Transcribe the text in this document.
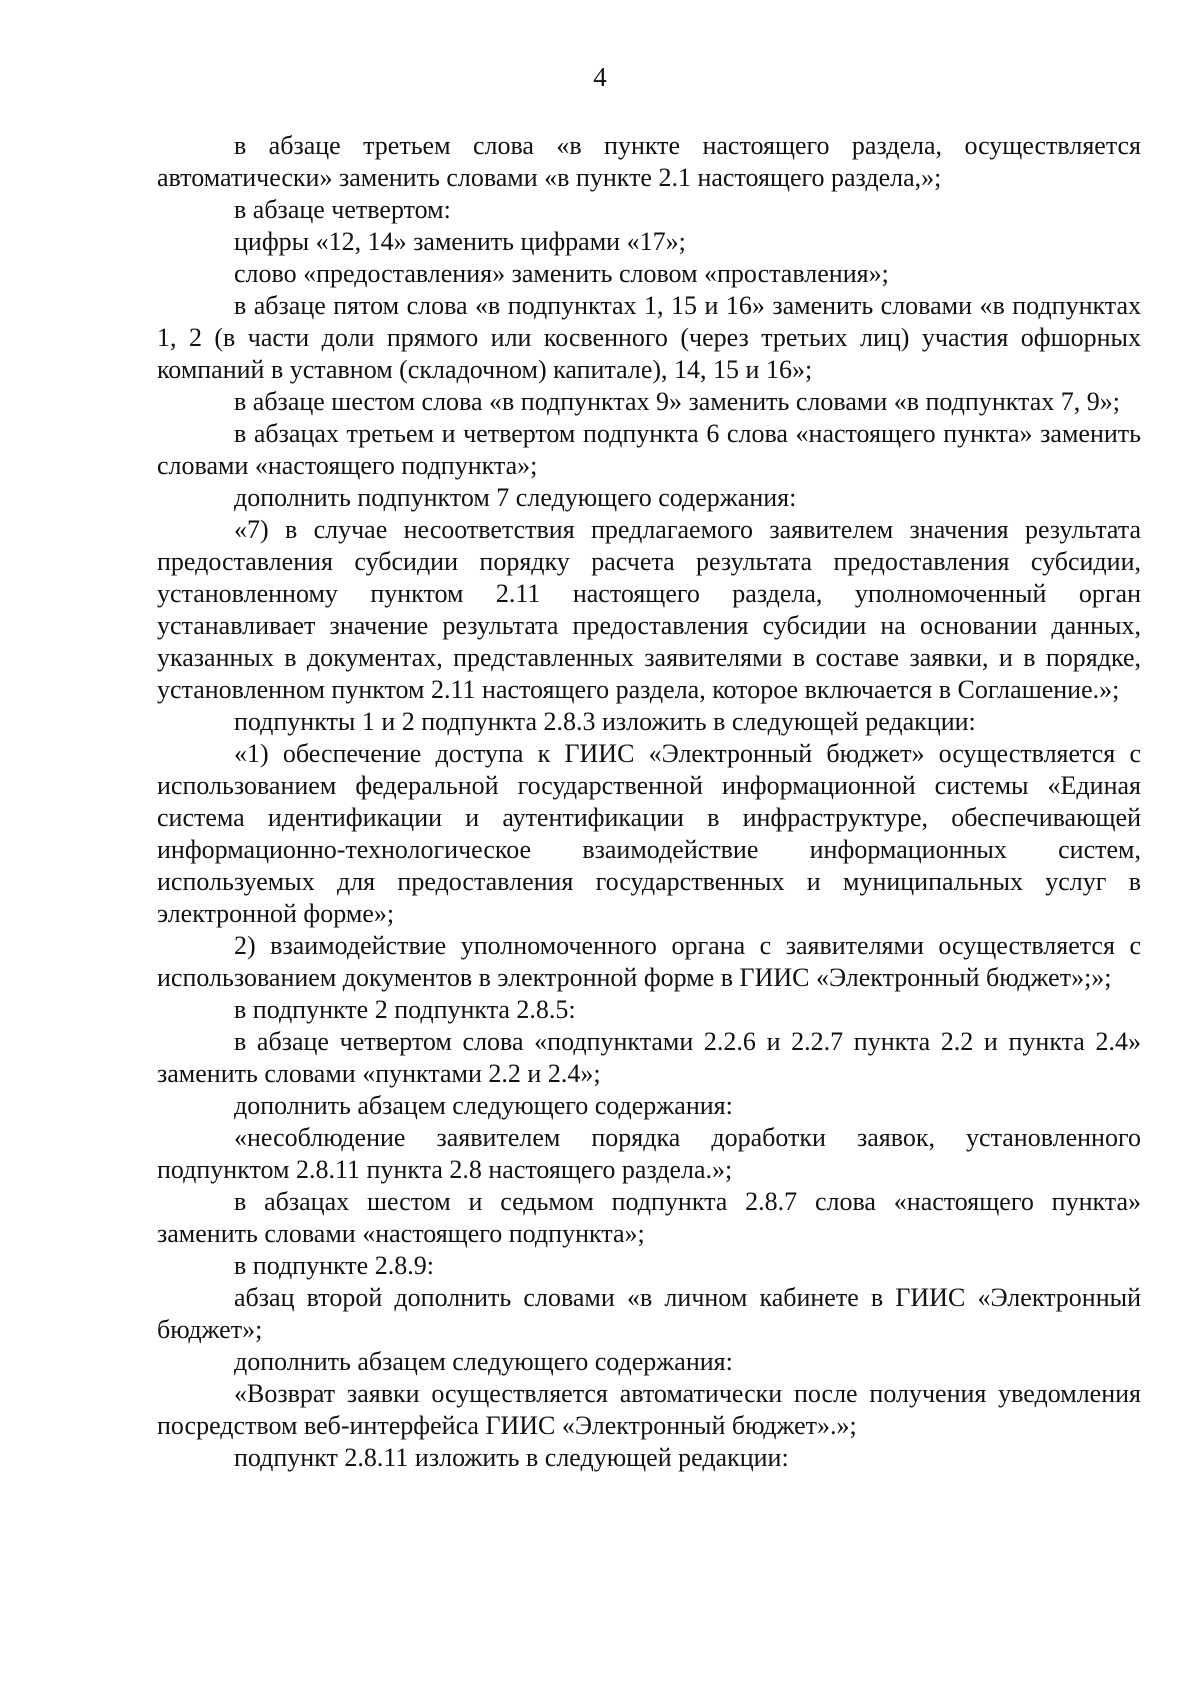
4

в абзаце третьем слова «в пункте настоящего раздела, осуществляется автоматически» заменить словами «в пункте 2.1 настоящего раздела,»;

в абзаце четвертом:

цифры «12, 14» заменить цифрами «17»;

слово «предоставления» заменить словом «проставления»;

в абзаце пятом слова «в подпунктах 1, 15 и 16» заменить словами «в подпунктах 1, 2 (в части доли прямого или косвенного (через третьих лиц) участия офшорных компаний в уставном (складочном) капитале), 14, 15 и 16»;

в абзаце шестом слова «в подпунктах 9» заменить словами «в подпунктах 7, 9»;

в абзацах третьем и четвертом подпункта 6 слова «настоящего пункта» заменить словами «настоящего подпункта»;

дополнить подпунктом 7 следующего содержания:

«7) в случае несоответствия предлагаемого заявителем значения результата предоставления субсидии порядку расчета результата предоставления субсидии, установленному пунктом 2.11 настоящего раздела, уполномоченный орган устанавливает значение результата предоставления субсидии на основании данных, указанных в документах, представленных заявителями в составе заявки, и в порядке, установленном пунктом 2.11 настоящего раздела, которое включается в Соглашение.»;

подпункты 1 и 2 подпункта 2.8.3 изложить в следующей редакции:

«1) обеспечение доступа к ГИИС «Электронный бюджет» осуществляется с использованием федеральной государственной информационной системы «Единая система идентификации и аутентификации в инфраструктуре, обеспечивающей информационно-технологическое взаимодействие информационных систем, используемых для предоставления государственных и муниципальных услуг в электронной форме»;

2) взаимодействие уполномоченного органа с заявителями осуществляется с использованием документов в электронной форме в ГИИС «Электронный бюджет»;»;

в подпункте 2 подпункта 2.8.5:

в абзаце четвертом слова «подпунктами 2.2.6 и 2.2.7 пункта 2.2 и пункта 2.4» заменить словами «пунктами 2.2 и 2.4»;

дополнить абзацем следующего содержания:

«несоблюдение заявителем порядка доработки заявок, установленного подпунктом 2.8.11 пункта 2.8 настоящего раздела.»;

в абзацах шестом и седьмом подпункта 2.8.7 слова «настоящего пункта» заменить словами «настоящего подпункта»;

в подпункте 2.8.9:

абзац второй дополнить словами «в личном кабинете в ГИИС «Электронный бюджет»;

дополнить абзацем следующего содержания:

«Возврат заявки осуществляется автоматически после получения уведомления посредством веб-интерфейса ГИИС «Электронный бюджет».»;

подпункт 2.8.11 изложить в следующей редакции:
